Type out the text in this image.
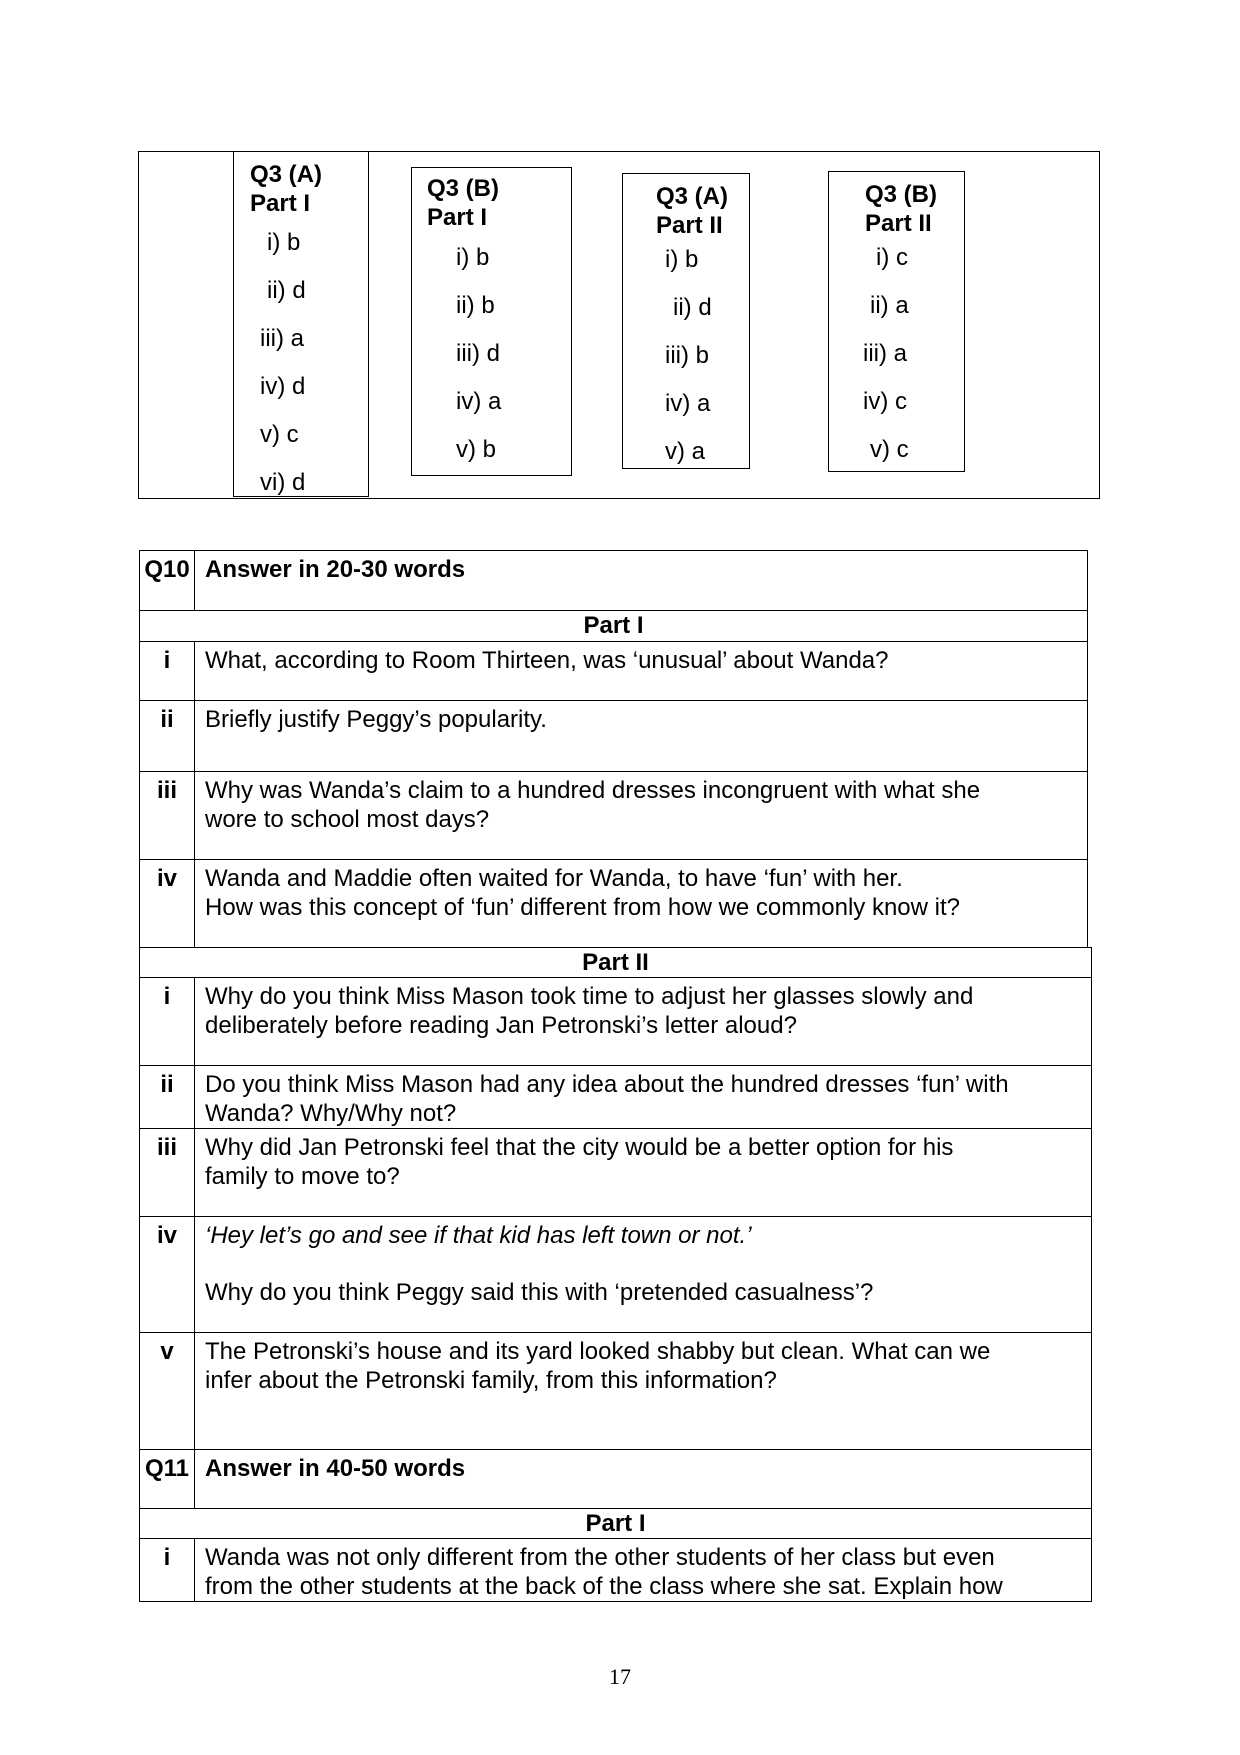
Q3 (A)
Part I
i) b
ii) d
iii) a
iv) d
v) c
vi) d
Q3 (B)
Part I
i) b
ii) b
iii) d
iv) a
v) b
Q3 (A)
Part II
i) b
ii) d
iii) b
iv) a
v) a
Q3 (B)
Part II
i) c
ii) a
iii) a
iv) c
v) c
Q10	Answer in 20-30 words
Part I	
i	What, according to Room Thirteen, was ‘unusual’ about Wanda?
ii	Briefly justify Peggy’s popularity.
iii	Why was Wanda’s claim to a hundred dresses incongruent with what she
wore to school most days?

iv	Wanda and Maddie often waited for Wanda, to have ‘fun’ with her.
How was this concept of ‘fun’ different from how we commonly know it?
Part II	
i	Why do you think Miss Mason took time to adjust her glasses slowly and
deliberately before reading Jan Petronski’s letter aloud?

ii	Do you think Miss Mason had any idea about the hundred dresses ‘fun’ with
Wanda? Why/Why not?

iii	Why did Jan Petronski feel that the city would be a better option for his
family to move to?

iv	‘Hey let’s go and see if that kid has left town or not.’
Why do you think Peggy said this with ‘pretended casualness’?

v	The Petronski’s house and its yard looked shabby but clean. What can we
infer about the Petronski family, from this information?

Q11	Answer in 40-50 words
Part I	
i	Wanda was not only different from the other students of her class but even
from the other students at the back of the class where she sat. Explain how
17
